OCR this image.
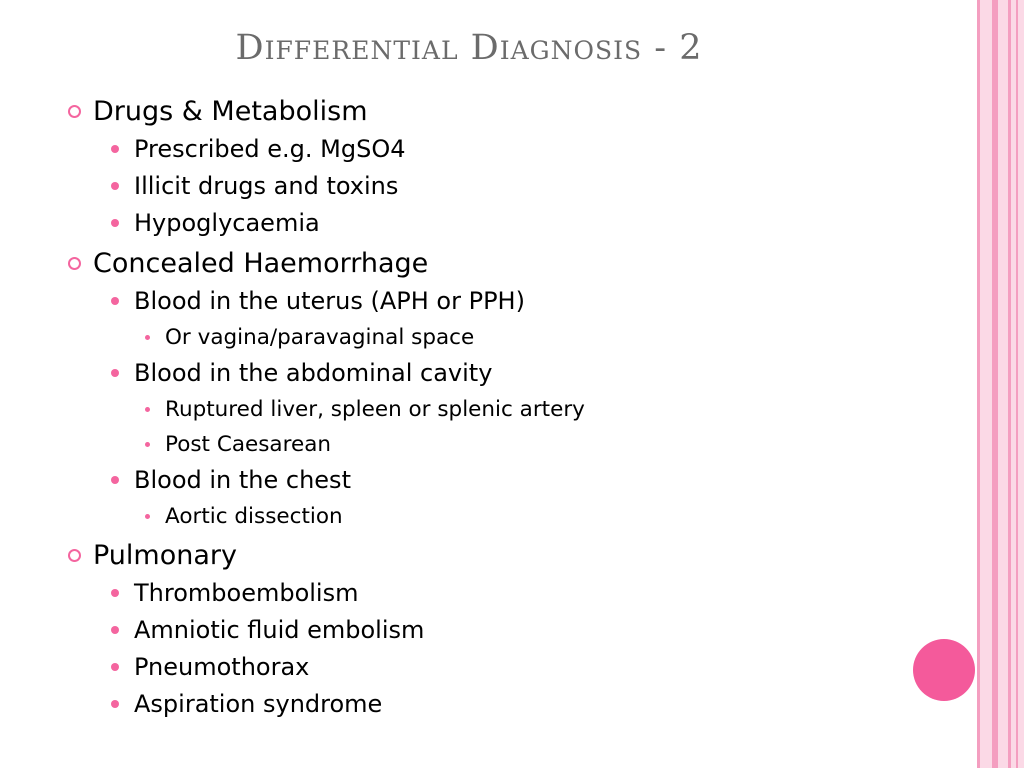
Differential Diagnosis - 2
Drugs & Metabolism
Prescribed e.g. MgSO4
Illicit drugs and toxins
Hypoglycaemia
Concealed Haemorrhage
Blood in the uterus (APH or PPH)
Or vagina/paravaginal space
Blood in the abdominal cavity
Ruptured liver, spleen or splenic artery
Post Caesarean
Blood in the chest
Aortic dissection
Pulmonary
Thromboembolism
Amniotic fluid embolism
Pneumothorax
Aspiration syndrome
